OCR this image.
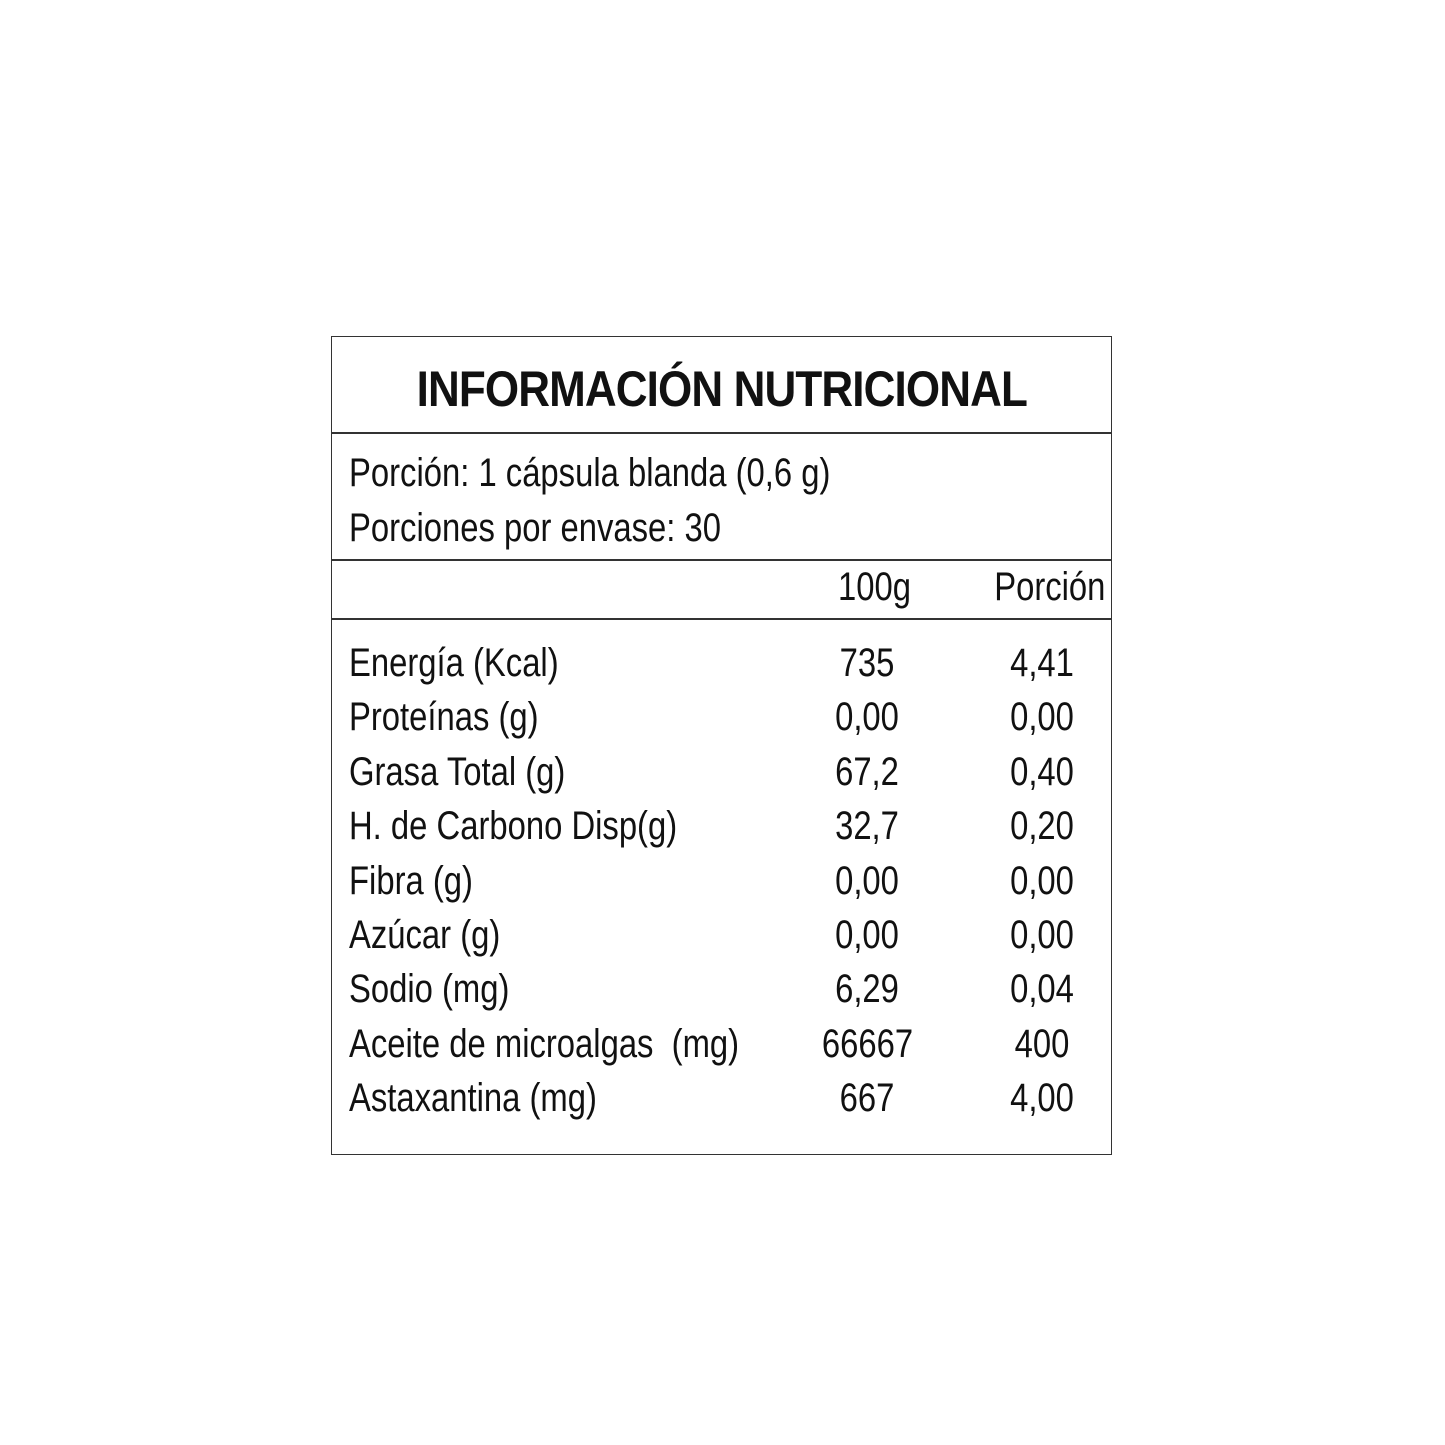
INFORMACIÓN NUTRICIONAL
Porción: 1 cápsula blanda (0,6 g)
Porciones por envase: 30
100g Porción
Energía (Kcal)	735	4,41
Proteínas (g)	0,00	0,00
Grasa Total (g)	67,2	0,40
H. de Carbono Disp(g)	32,7	0,20
Fibra (g)	0,00	0,00
Azúcar (g)	0,00	0,00
Sodio (mg)	6,29	0,04
Aceite de microalgas  (mg) 66667	400
Astaxantina (mg)	667	4,00
